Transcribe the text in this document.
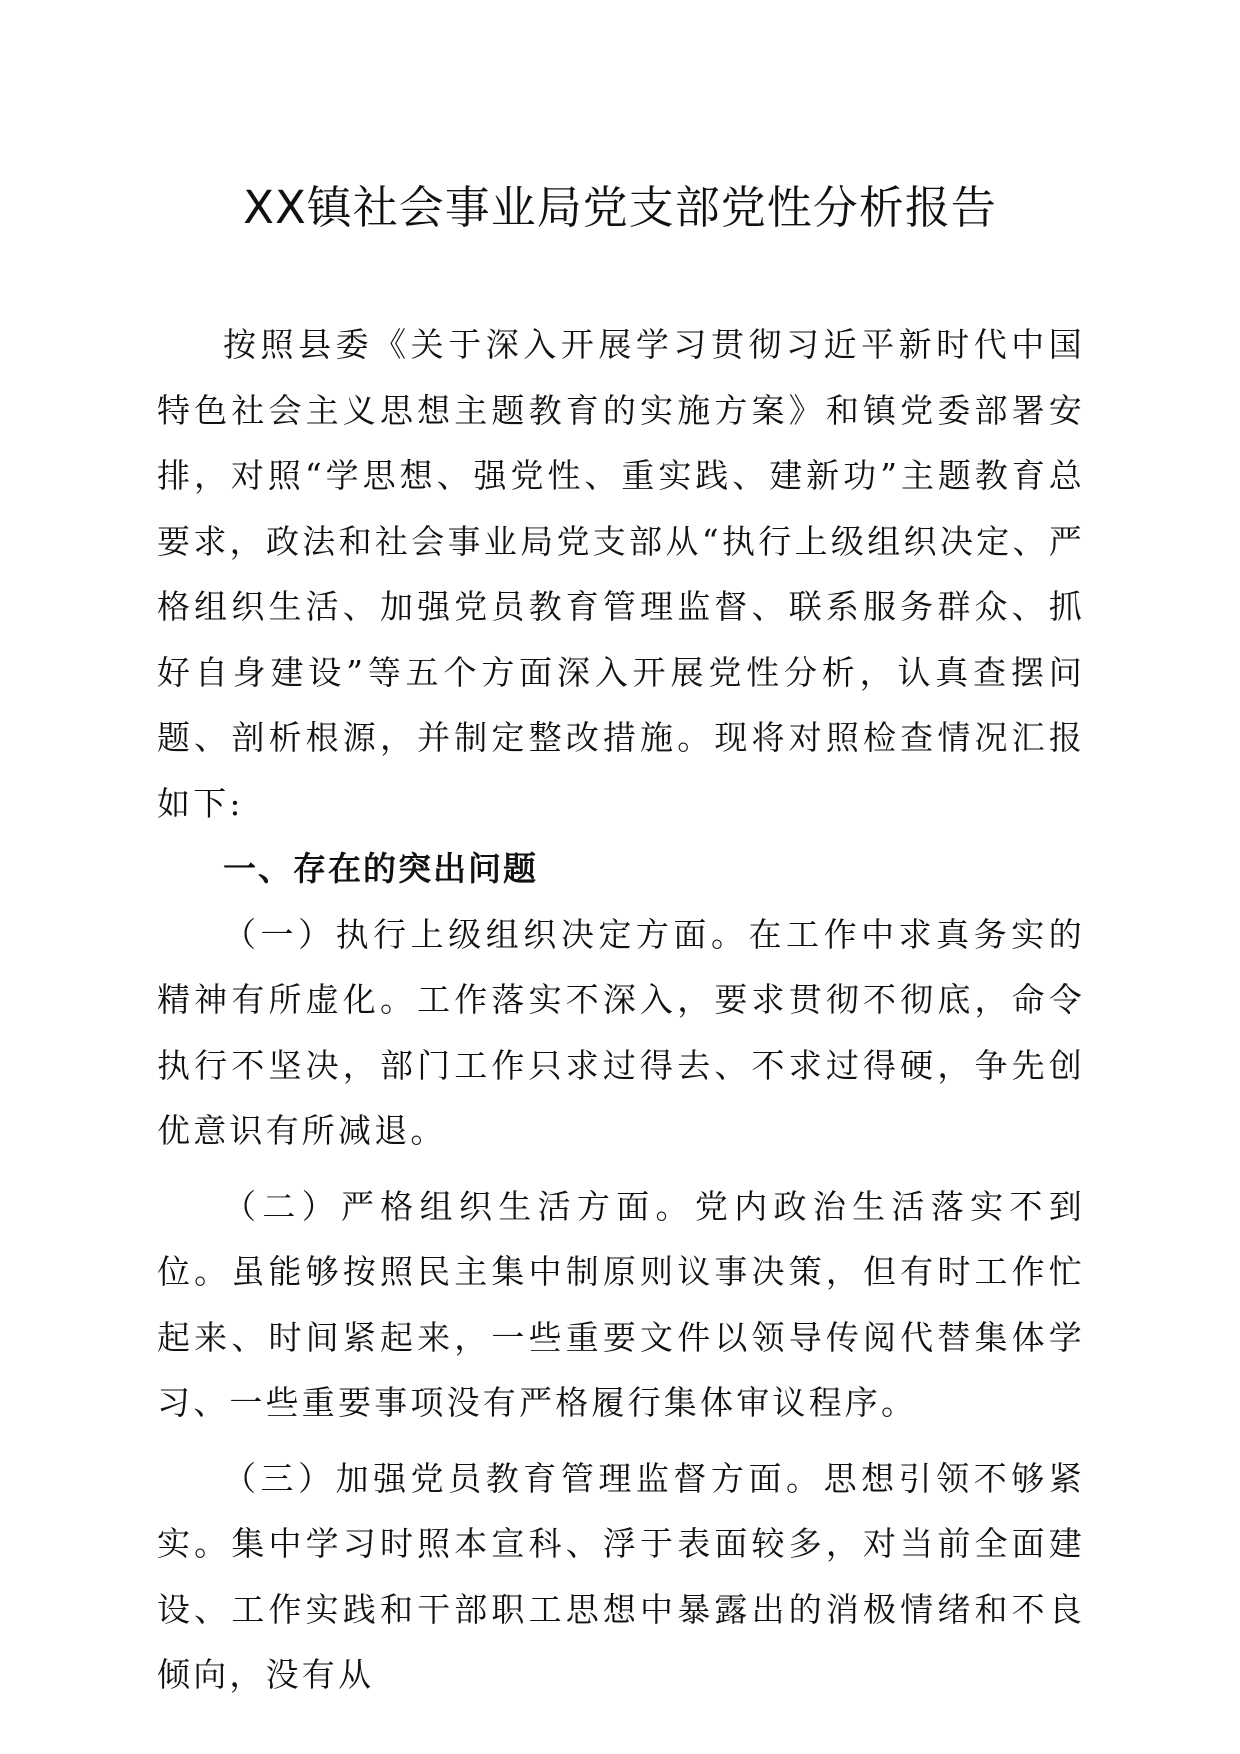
XX镇社会事业局党支部党性分析报告

按照县委《关于深入开展学习贯彻习近平新时代中国特色社会主义思想主题教育的实施方案》和镇党委部署安排，对照“学思想、强党性、重实践、建新功”主题教育总要求，政法和社会事业局党支部从“执行上级组织决定、严格组织生活、加强党员教育管理监督、联系服务群众、抓好自身建设”等五个方面深入开展党性分析，认真查摆问题、剖析根源，并制定整改措施。现将对照检查情况汇报如下:

一、存在的突出问题

（一）执行上级组织决定方面。在工作中求真务实的精神有所虚化。工作落实不深入，要求贯彻不彻底，命令执行不坚决，部门工作只求过得去、不求过得硬，争先创优意识有所减退。

（二）严格组织生活方面。党内政治生活落实不到位。虽能够按照民主集中制原则议事决策，但有时工作忙起来、时间紧起来，一些重要文件以领导传阅代替集体学习、一些重要事项没有严格履行集体审议程序。

（三）加强党员教育管理监督方面。思想引领不够紧实。集中学习时照本宣科、浮于表面较多，对当前全面建设、工作实践和干部职工思想中暴露出的消极情绪和不良倾向，没有从
